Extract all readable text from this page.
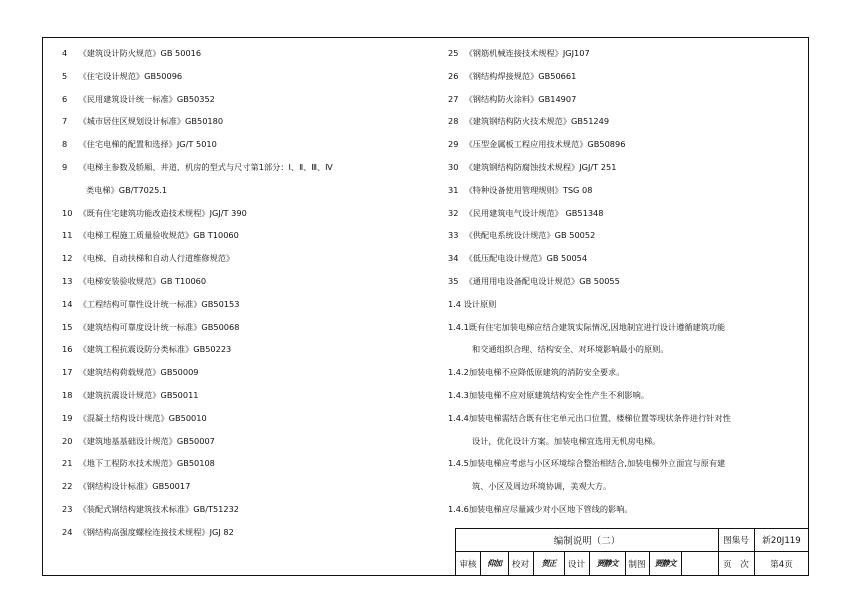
4 《建筑设计防火规范》GB 50016
5 《住宅设计规范》GB50096
6 《民用建筑设计统一标准》GB50352
7 《城市居住区规划设计标准》GB50180
8 《住宅电梯的配置和选择》JG/T 5010
9 《电梯主参数及轿厢、井道、机房的型式与尺寸第1部分：Ⅰ、Ⅱ、Ⅲ、Ⅳ
类电梯》GB/T7025.1
10 《既有住宅建筑功能改造技术规程》JGJ/T 390
11 《电梯工程施工质量验收规范》GB T10060
12 《电梯、自动扶梯和自动人行道维修规范》
13 《电梯安装验收规范》GB T10060
14 《工程结构可靠性设计统一标准》GB50153
15 《建筑结构可靠度设计统一标准》GB50068
16 《建筑工程抗震设防分类标准》GB50223
17 《建筑结构荷载规范》GB50009
18 《建筑抗震设计规范》GB50011
19 《混凝土结构设计规范》GB50010
20 《建筑地基基础设计规范》GB50007
21 《地下工程防水技术规范》GB50108
22 《钢结构设计标准》GB50017
23 《装配式钢结构建筑技术标准》GB/T51232
24 《钢结构高强度螺栓连接技术规程》JGJ 82
25 《钢筋机械连接技术规程》JGJ107
26 《钢结构焊接规范》GB50661
27 《钢结构防火涂料》GB14907
28 《建筑钢结构防火技术规范》GB51249
29 《压型金属板工程应用技术规范》GB50896
30 《建筑钢结构防腐蚀技术规程》JGJ/T 251
31 《特种设备使用管理规则》TSG 08
32 《民用建筑电气设计规范》 GB51348
33 《供配电系统设计规范》GB 50052
34 《低压配电设计规范》GB 50054
35 《通用用电设备配电设计规范》GB 50055
1.4 设计原则
1.4.1既有住宅加装电梯应结合建筑实际情况,因地制宜进行设计遵循建筑功能
和交通组织合理、结构安全、对环境影响最小的原则。
1.4.2加装电梯不应降低原建筑的消防安全要求。
1.4.3加装电梯不应对原建筑结构安全性产生不利影响。
1.4.4加装电梯需结合既有住宅单元出口位置、楼梯位置等现状条件进行针对性
设计，优化设计方案。加装电梯宜选用无机房电梯。
1.4.5加装电梯应考虑与小区环境综合整治相结合,加装电梯外立面宜与原有建
筑、小区及周边环境协调，美观大方。
1.4.6加装电梯应尽量减少对小区地下管线的影响。
编制说明（二）	图集号	新20J119
审核	仰加	校对	贺正	设计	贾静文	制图	贾静文	页　次	第4页
